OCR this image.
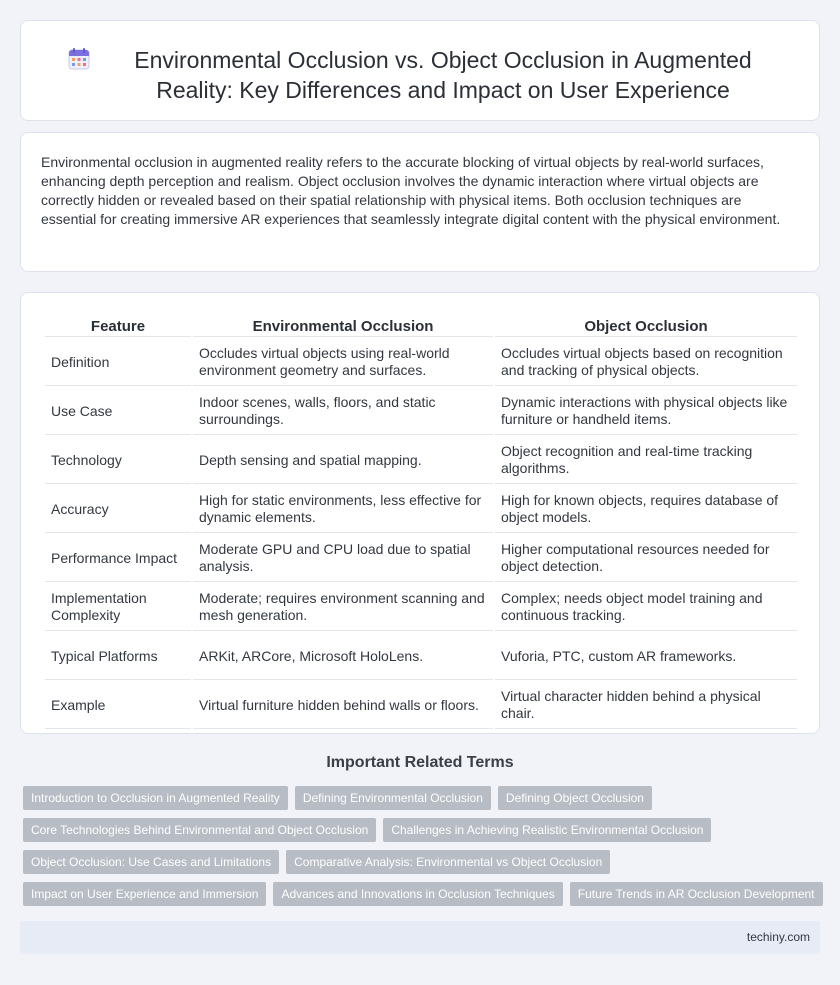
Environmental Occlusion vs. Object Occlusion in Augmented Reality: Key Differences and Impact on User Experience

Environmental occlusion in augmented reality refers to the accurate blocking of virtual objects by real-world surfaces, enhancing depth perception and realism. Object occlusion involves the dynamic interaction where virtual objects are correctly hidden or revealed based on their spatial relationship with physical items. Both occlusion techniques are essential for creating immersive AR experiences that seamlessly integrate digital content with the physical environment.

Feature	Environmental Occlusion	Object Occlusion
Definition	Occludes virtual objects using real-world environment geometry and surfaces.	Occludes virtual objects based on recognition and tracking of physical objects.
Use Case	Indoor scenes, walls, floors, and static surroundings.	Dynamic interactions with physical objects like furniture or handheld items.
Technology	Depth sensing and spatial mapping.	Object recognition and real-time tracking algorithms.
Accuracy	High for static environments, less effective for dynamic elements.	High for known objects, requires database of object models.
Performance Impact	Moderate GPU and CPU load due to spatial analysis.	Higher computational resources needed for object detection.
Implementation Complexity	Moderate; requires environment scanning and mesh generation.	Complex; needs object model training and continuous tracking.
Typical Platforms	ARKit, ARCore, Microsoft HoloLens.	Vuforia, PTC, custom AR frameworks.
Example	Virtual furniture hidden behind walls or floors.	Virtual character hidden behind a physical chair.
Important Related Terms
Introduction to Occlusion in Augmented Reality	Defining Environmental Occlusion	Defining Object Occlusion
Core Technologies Behind Environmental and Object Occlusion	Challenges in Achieving Realistic Environmental Occlusion
Object Occlusion: Use Cases and Limitations	Comparative Analysis: Environmental vs Object Occlusion
Impact on User Experience and Immersion	Advances and Innovations in Occlusion Techniques	Future Trends in AR Occlusion Development
techiny.com
